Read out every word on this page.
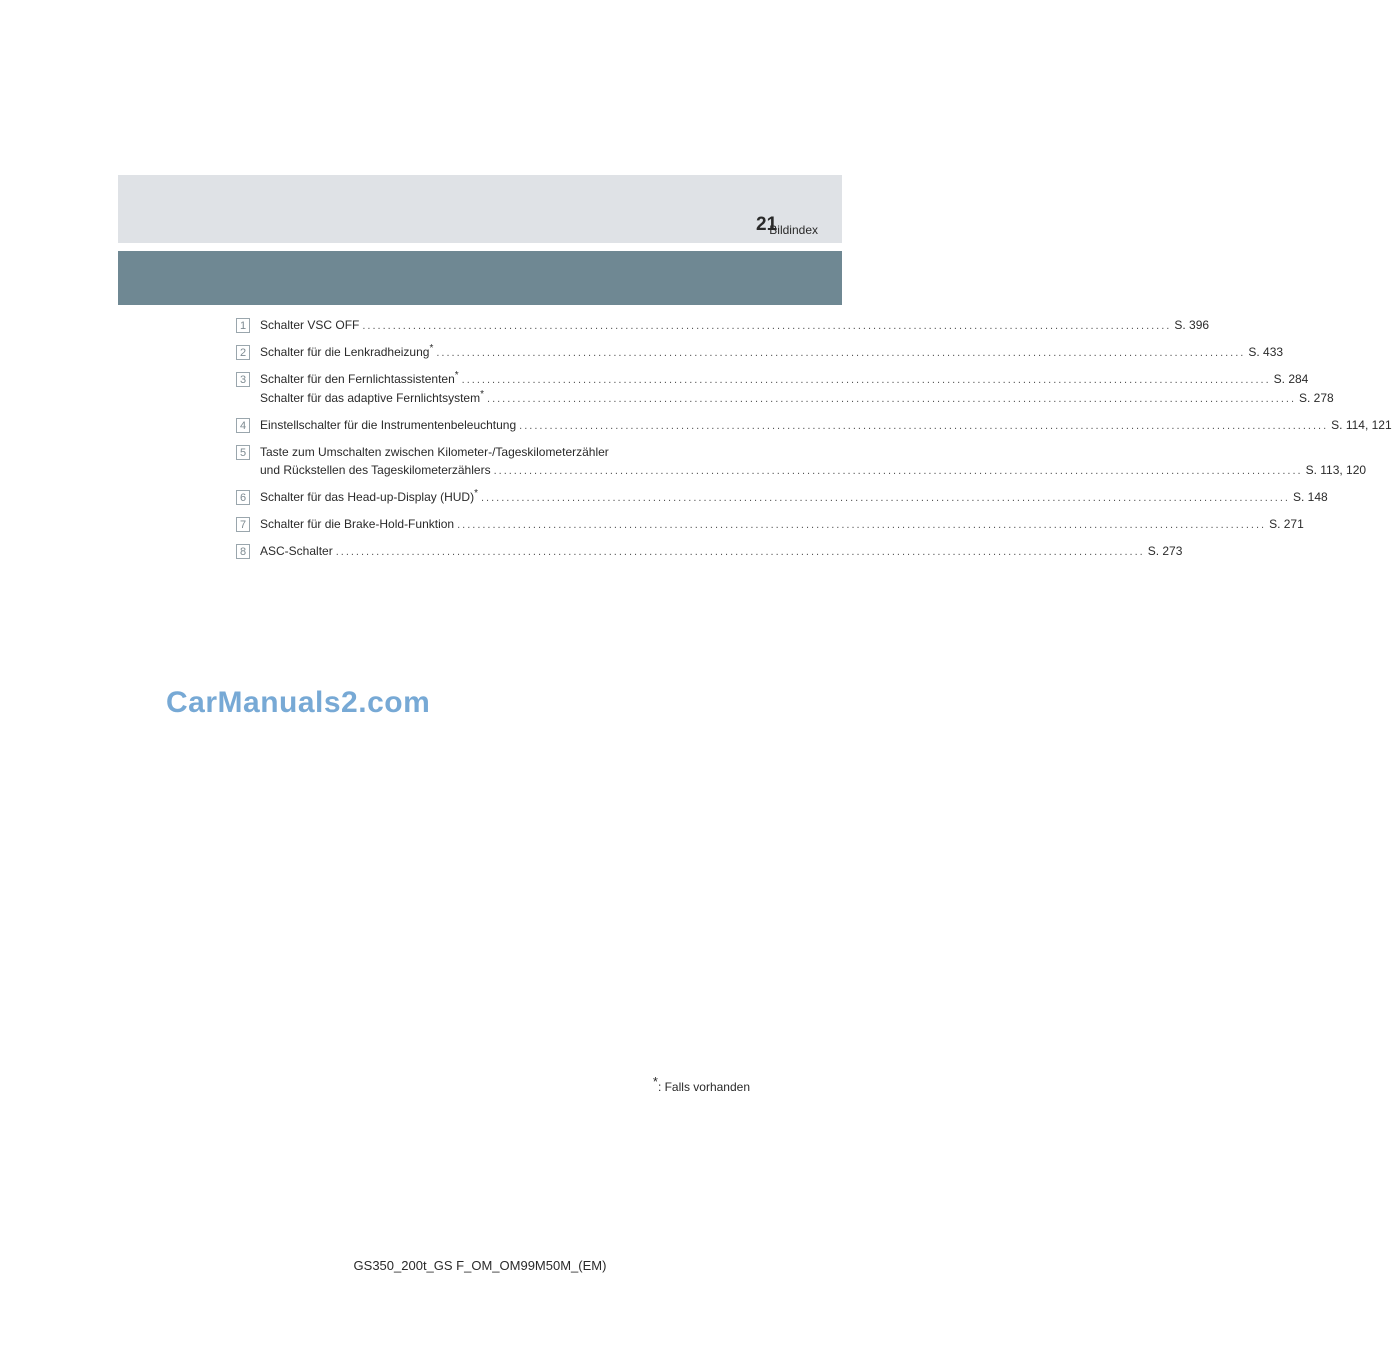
Bildindex
21
1	Schalter VSC OFF ................................................................................................................................................................ S. 396
2	Schalter für die Lenkradheizung* ................................................................................................................................................................ S. 433
3	Schalter für den Fernlichtassistenten* ................................................................................................................................................................ S. 284
Schalter für das adaptive Fernlichtsystem* ................................................................................................................................................................ S. 278
4	Einstellschalter für die Instrumentenbeleuchtung ................................................................................................................................................................ S. 114, 121
5	Taste zum Umschalten zwischen Kilometer-/Tageskilometerzähler
und Rückstellen des Tageskilometerzählers ................................................................................................................................................................ S. 113, 120
6	Schalter für das Head-up-Display (HUD)* ................................................................................................................................................................ S. 148
7	Schalter für die Brake-Hold-Funktion ................................................................................................................................................................ S. 271
8	ASC-Schalter ................................................................................................................................................................ S. 273
CarManuals2.com
*: Falls vorhanden
GS350_200t_GS F_OM_OM99M50M_(EM)
